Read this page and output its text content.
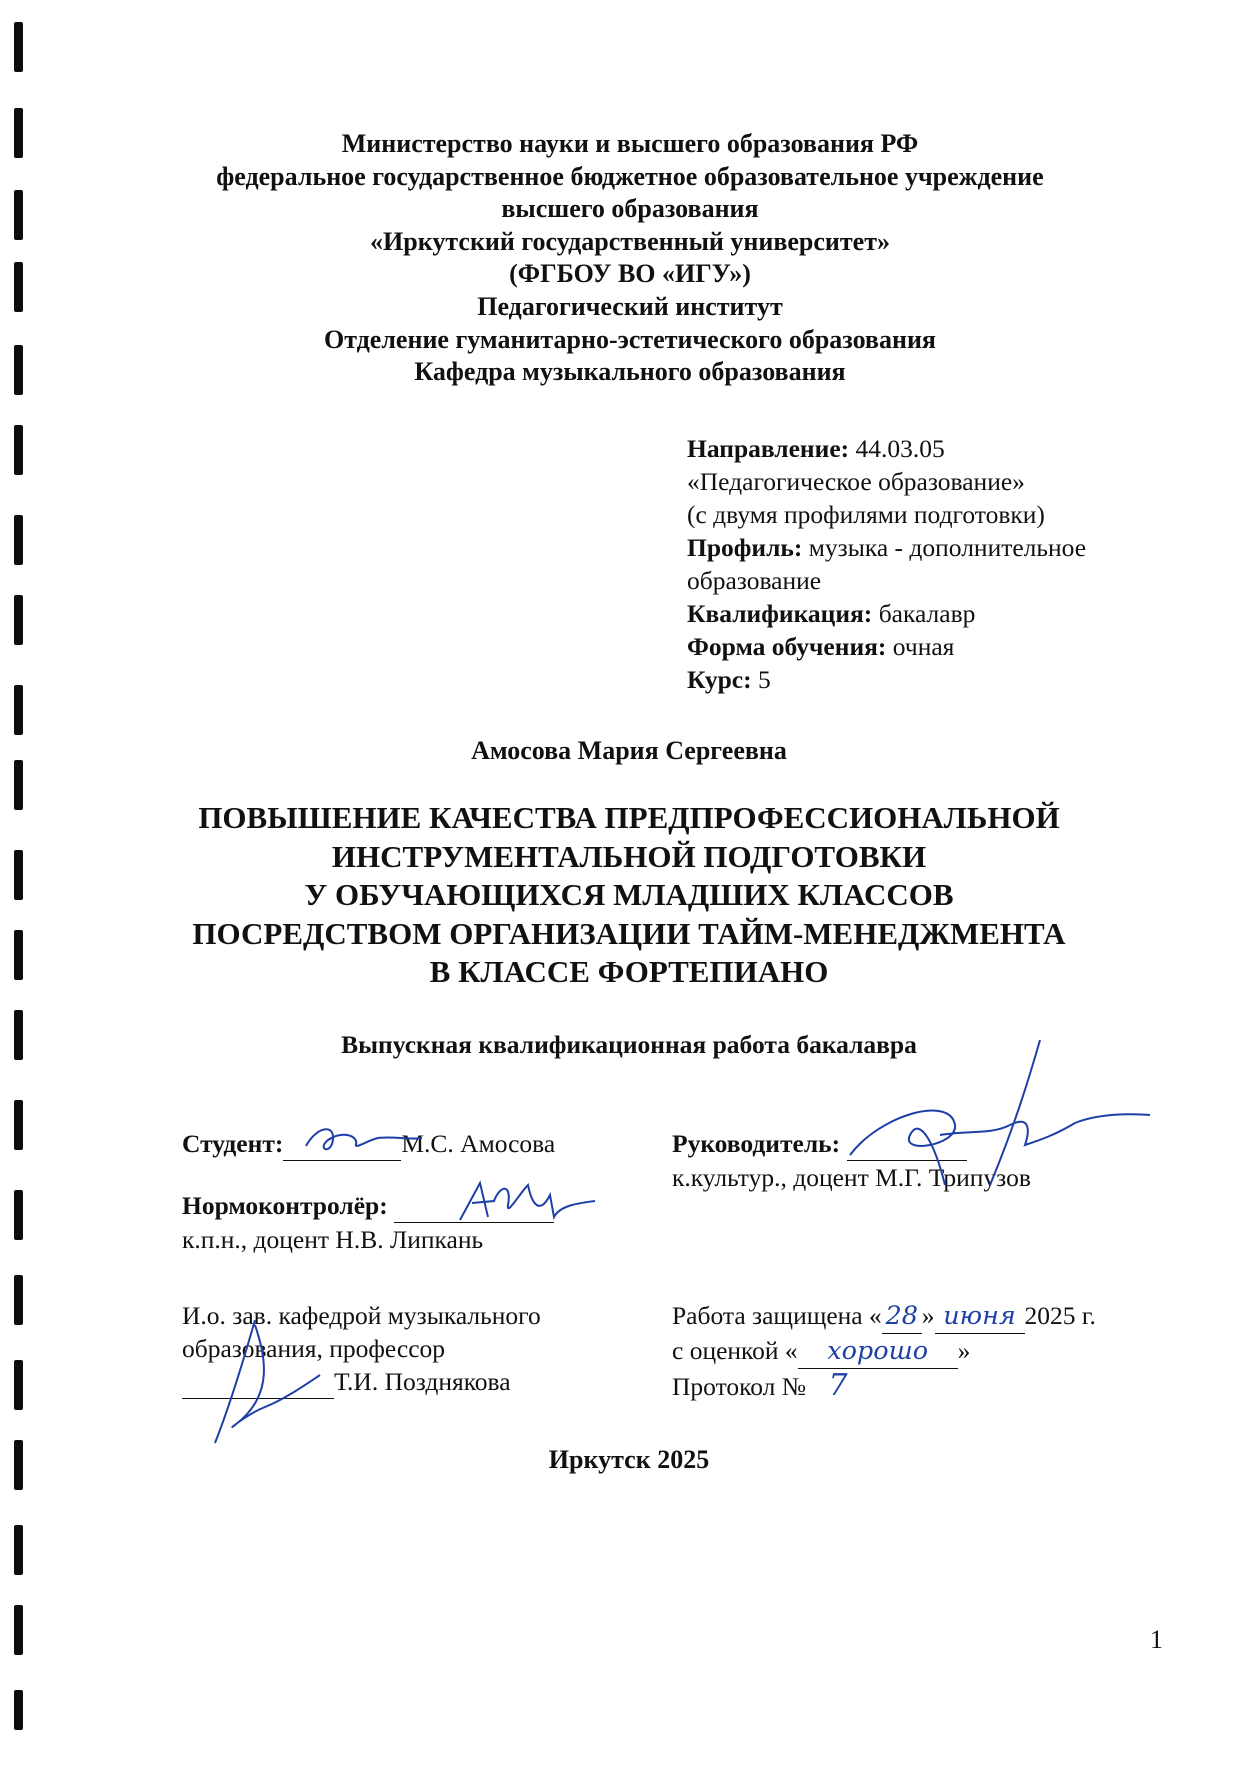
Министерство науки и высшего образования РФ
федеральное государственное бюджетное образовательное учреждение
высшего образования
«Иркутский государственный университет»
(ФГБОУ ВО «ИГУ»)
Педагогический институт
Отделение гуманитарно-эстетического образования
Кафедра музыкального образования
Направление: 44.03.05
«Педагогическое образование»
(с двумя профилями подготовки)
Профиль: музыка - дополнительное
образование
Квалификация: бакалавр
Форма обучения: очная
Курс: 5
Амосова Мария Сергеевна
ПОВЫШЕНИЕ КАЧЕСТВА ПРЕДПРОФЕССИОНАЛЬНОЙ
ИНСТРУМЕНТАЛЬНОЙ ПОДГОТОВКИ
У ОБУЧАЮЩИХСЯ МЛАДШИХ КЛАССОВ
ПОСРЕДСТВОМ ОРГАНИЗАЦИИ ТАЙМ-МЕНЕДЖМЕНТА
В КЛАССЕ ФОРТЕПИАНО
Выпускная квалификационная работа бакалавра
Студент:	М.С. Амосова	Руководитель:
к.культур., доцент М.Г. Трипузов
Нормоконтролёр:
к.п.н., доцент Н.В. Липкань
И.о. зав. кафедрой музыкального
образования, профессор
Т.И. Позднякова
Работа защищена « 28 » июня 2025 г.
с оценкой « хорошо »
Протокол № 7
Иркутск 2025
1
